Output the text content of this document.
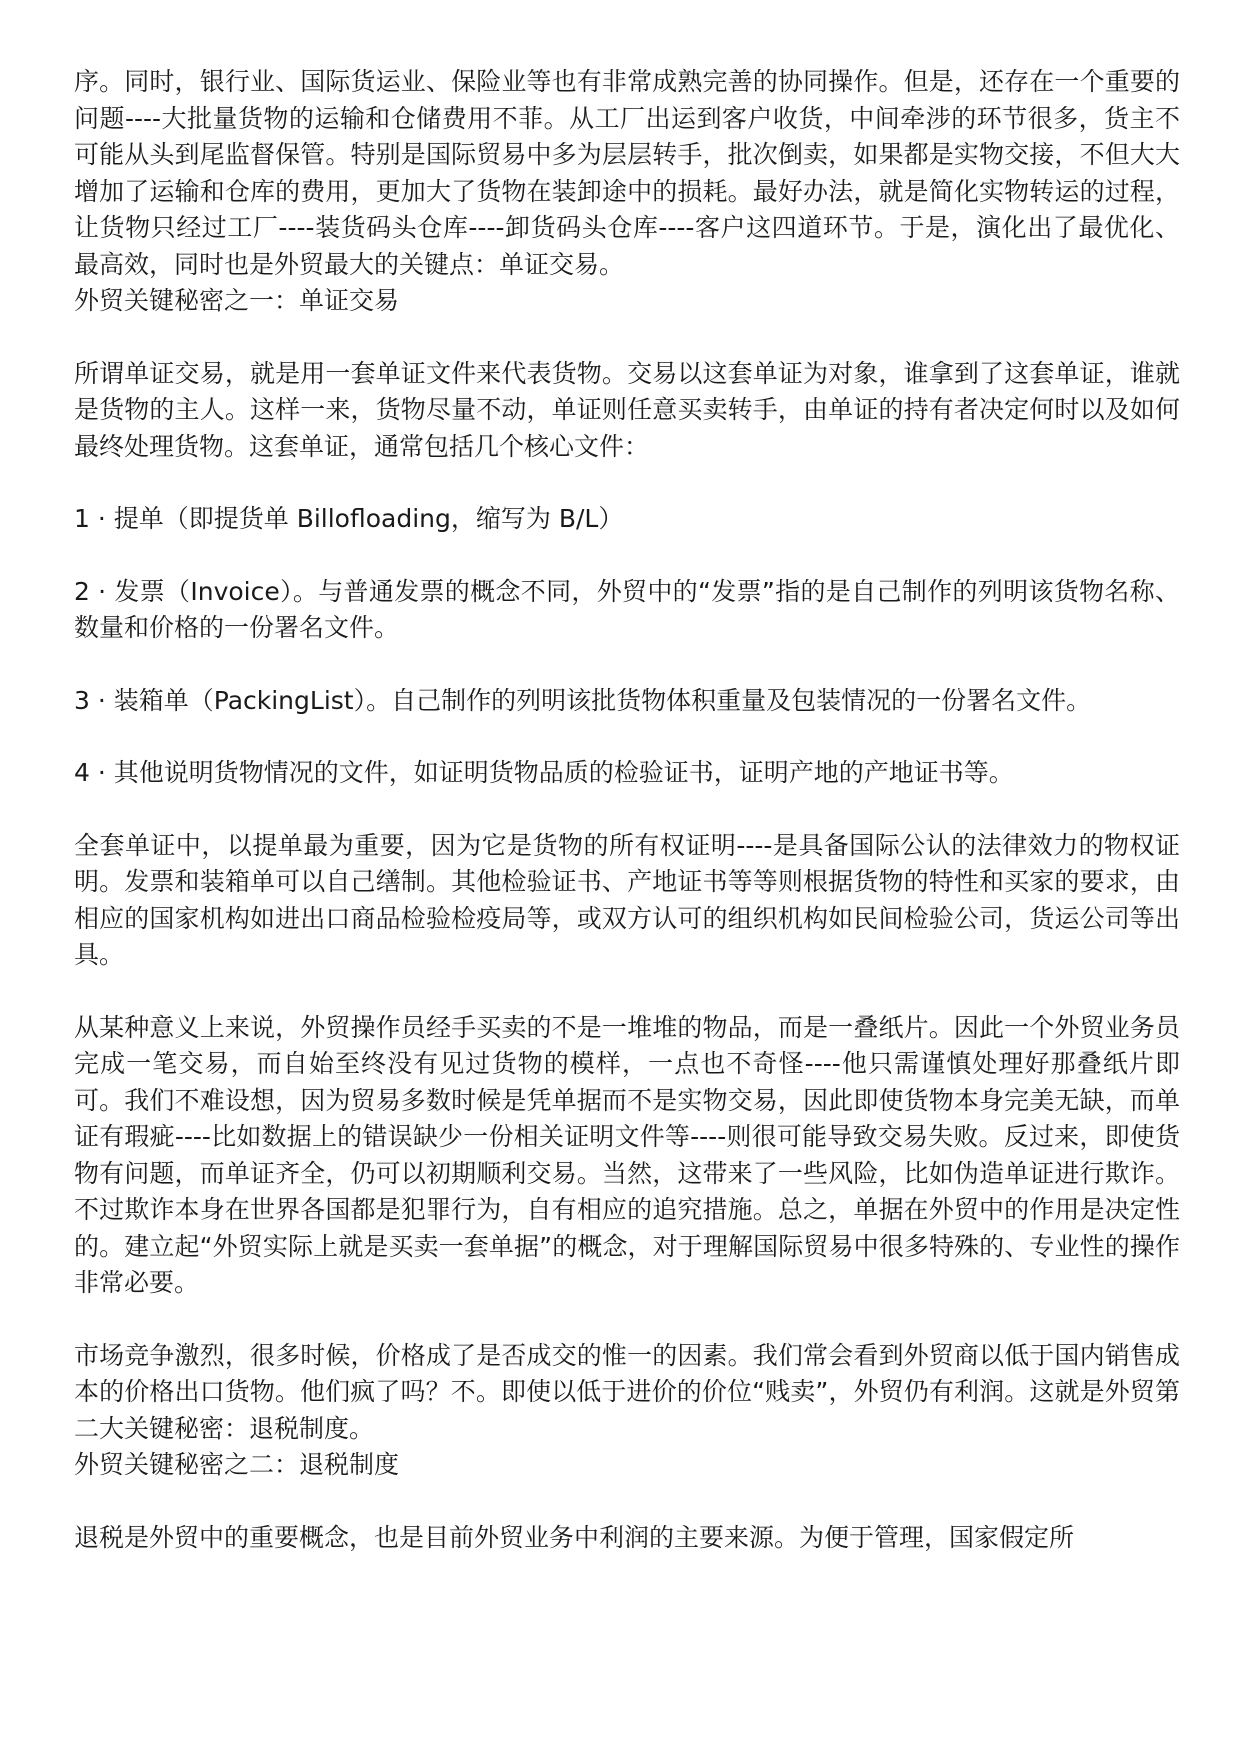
序。同时，银行业、国际货运业、保险业等也有非常成熟完善的协同操作。但是，还存在一个重要的问题----大批量货物的运输和仓储费用不菲。从工厂出运到客户收货，中间牵涉的环节很多，货主不可能从头到尾监督保管。特别是国际贸易中多为层层转手，批次倒卖，如果都是实物交接，不但大大增加了运输和仓库的费用，更加大了货物在装卸途中的损耗。最好办法，就是简化实物转运的过程，让货物只经过工厂----装货码头仓库----卸货码头仓库----客户这四道环节。于是，演化出了最优化、最高效，同时也是外贸最大的关键点：单证交易。

外贸关键秘密之一：单证交易

所谓单证交易，就是用一套单证文件来代表货物。交易以这套单证为对象，谁拿到了这套单证，谁就是货物的主人。这样一来，货物尽量不动，单证则任意买卖转手，由单证的持有者决定何时以及如何最终处理货物。这套单证，通常包括几个核心文件：

1 · 提单（即提货单 Billofloading，缩写为 B/L）

2 · 发票（Invoice）。与普通发票的概念不同，外贸中的“发票”指的是自己制作的列明该货物名称、数量和价格的一份署名文件。

3 · 装箱单（PackingList）。自己制作的列明该批货物体积重量及包装情况的一份署名文件。

4 · 其他说明货物情况的文件，如证明货物品质的检验证书，证明产地的产地证书等。

全套单证中，以提单最为重要，因为它是货物的所有权证明----是具备国际公认的法律效力的物权证明。发票和装箱单可以自己缮制。其他检验证书、产地证书等等则根据货物的特性和买家的要求，由相应的国家机构如进出口商品检验检疫局等，或双方认可的组织机构如民间检验公司，货运公司等出具。

从某种意义上来说，外贸操作员经手买卖的不是一堆堆的物品，而是一叠纸片。因此一个外贸业务员完成一笔交易，而自始至终没有见过货物的模样，一点也不奇怪----他只需谨慎处理好那叠纸片即可。我们不难设想，因为贸易多数时候是凭单据而不是实物交易，因此即使货物本身完美无缺，而单证有瑕疵----比如数据上的错误缺少一份相关证明文件等----则很可能导致交易失败。反过来，即使货物有问题，而单证齐全，仍可以初期顺利交易。当然，这带来了一些风险，比如伪造单证进行欺诈。不过欺诈本身在世界各国都是犯罪行为，自有相应的追究措施。总之，单据在外贸中的作用是决定性的。建立起“外贸实际上就是买卖一套单据”的概念，对于理解国际贸易中很多特殊的、专业性的操作非常必要。

市场竞争激烈，很多时候，价格成了是否成交的惟一的因素。我们常会看到外贸商以低于国内销售成本的价格出口货物。他们疯了吗？不。即使以低于进价的价位“贱卖”，外贸仍有利润。这就是外贸第二大关键秘密：退税制度。

外贸关键秘密之二：退税制度

退税是外贸中的重要概念，也是目前外贸业务中利润的主要来源。为便于管理，国家假定所
